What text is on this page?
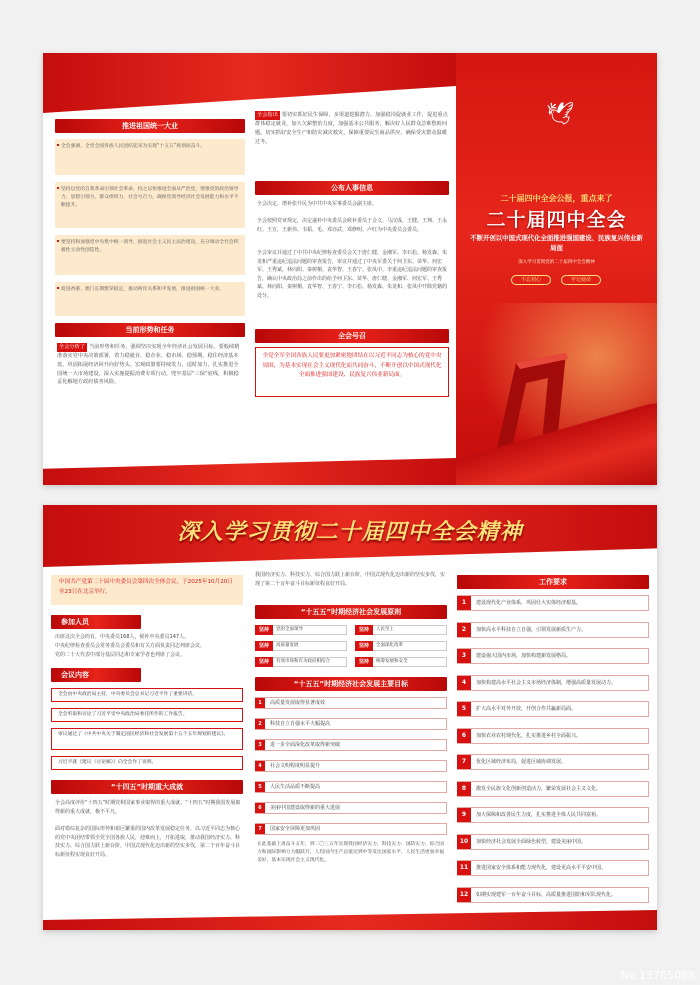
推进祖国统一大业
全会强调，全党全国各族人民团结起来为实现“十五五”规划而奋斗。
坚持以党的自我革命引领社会革命，持之以恒推进全面从严治党，增强党的政治领导力、思想引领力、群众组织力、社会号召力，确保党领导经济社会发展能力和水平不断提升。
要坚持和加强党中央集中统一领导，推进社会主义民主法治建设，充分调动全社会积极性主动性创造性。
促进香港、澳门长期繁荣稳定，推动两岸关系和平发展，推进祖国统一大业。
当前形势和任务
全会分析了 当前形势和任务，强调坚决实现全年经济社会发展目标。要般续精准落实党中央决策部署，着力稳就业、稳企业、稳市场、稳预期，稳住经济基本盘，巩固拓展经济回升向好势头。宏观政策要持续发力、适时加力，扎实推进全国统一大市场建设，深入实施提振消费专项行动，兜牢基层“三保”底线，积极稳妥化解地方政府债务风险。
全会指出 要切实抓好民生保障，多渠道挖掘潜力，加强稳岗促就业工作，促进重点群体稳定就业，加大欠薪整治力度，加强基本公共服务，解决好人民群众急难愁盼问题。切实抓好安全生产和防灾减灾救灾，保障重要民生商品供应，确保受灾群众温暖过冬。
公布人事信息
全会决定，增补张升民为中共中央军事委员会副主席。
全会按照党章规定，决定递补中央委员会候补委员于会文、马汉成、王健、王翔、王永红、王宣，王新伟、韦韬、毛、邓亦武、邓修明、卢红为中央委员会委员。
全会审议并通过了中共中央纪律检查委员会关于唐仁健、金湘军、李石松、杨发森、朱龙和严重违纪违法问题的审查报告，审议并通过了中央军委关于何卫东、苗华、何宏军、王秀斌、林向阳、秦树桐、袁华智、王春宁、张凤中、李重违纪违法问题的审查报告，确认中央政治局之前作出的给予何卫东、苗华、唐仁健、金湘军、何宏军、王秀斌、林向阳、秦树桐、袁华智、王春宁、李石松、杨发森、朱龙和、张凤中开除党籍的处分。
全会号召
全党全军全国各族人民要更加紧密地团结在以习近平同志为核心的党中央周围，为基本实现社会主义现代化而共同奋斗，不断开创以中国式现代化全面推进强国建设、民族复兴伟业新局面。
🕊
二十届四中全会公报，重点来了
二十届四中全会
不断开创以中国式现代化全面推进强国建设、民族复兴伟业新局面
深入学习贯彻党的二十届四中全会精神
不忘初心	牢记使命
深入学习贯彻二十届四中全会精神
中国共产党第二十届中央委员会第四次全体会议，于2025年10月20日至23日在北京举行。
参加人员
出席这次全会的有，中央委员168人，候补中央委员147人。
中央纪律检查委员会常务委员会委员和有关方面负责同志列席会议。
党的二十大代表中部分基层同志和专家学者也列席了会议。
会议内容
全会由中央政治局主持，中央委员会总书记习近平作了重要讲话。
全会听取和讨论了习近平受中央政治局委托所作的工作报告。
审议通过了《中共中央关于制定国民经济和社会发展第十五个五年规划的建议》。
习近平就《建议（讨论稿）》向全会作了说明。
“十四五”时期重大成就
全会高度评价“十四五”时期党和国家事业取得的重大成就。“十四五”时期我国发展取得新的重大成就，极不平凡。
面对错综复杂的国际形势和艰巨繁重的国内改革发展稳定任务，以习近平同志为核心的党中央团结带领全党全国各族人民，迎难而上，开拓进取，推动我国经济实力、科技实力、综合国力跃上新台阶，中国式现代化迈出新的坚实步伐，第二个百年奋斗目标新征程实现良好开局。
我国经济实力、科技实力、综合国力跃上新台阶，中国式现代化迈出新的坚实步伐，实现了第二个百年奋斗目标新征程良好开局。
“十五五”时期经济社会发展原则
坚持	党的全面领导	坚持	人民至上
坚持	高质量发展	坚持	全面深化改革
坚持	有效市场和有为政府相结合	坚持	统筹发展和安全
“十五五”时期经济社会发展主要目标
1	高质量发展取得显著成效
2	科技自立自强水平大幅提高
3	进一步全面深化改革取得新突破
4	社会文明程度明显提升
5	人民生活品质不断提高
6	美丽中国建设取得新的重大进展
7	国家安全屏障更加巩固
在此基础上再奋斗五年，到二〇三五年实现我国经济实力、科技实力、国防实力、综合国力和国际影响力大幅跃升，人均国内生产总值达到中等发达国家水平，人民生活更加幸福美好，基本实现社会主义现代化。
工作要求
1	建设现代化产业体系，巩固壮大实体经济根基。
2	加快高水平科技自立自强，引领发展新质生产力。
3	建设强大国内市场，加快构建新发展格局。
4	加快构建高水平社会主义市场经济体制，增强高质量发展动力。
5	扩大高水平对外开放，开创合作共赢新局面。
6	加快农业农村现代化，扎实推进乡村全面振兴。
7	优化区域经济布局，促进区域协调发展。
8	激发全民族文化创新创造活力，繁荣发展社会主义文化。
9	加大保障和改善民生力度，扎实推进全体人民共同富裕。
10	加快经济社会发展全面绿色转型，建设美丽中国。
11	推进国家安全体系和能力现代化，建设更高水平平安中国。
12	如期实现建军一百年奋斗目标，高质量推进国防和军队现代化。
No.13705088
